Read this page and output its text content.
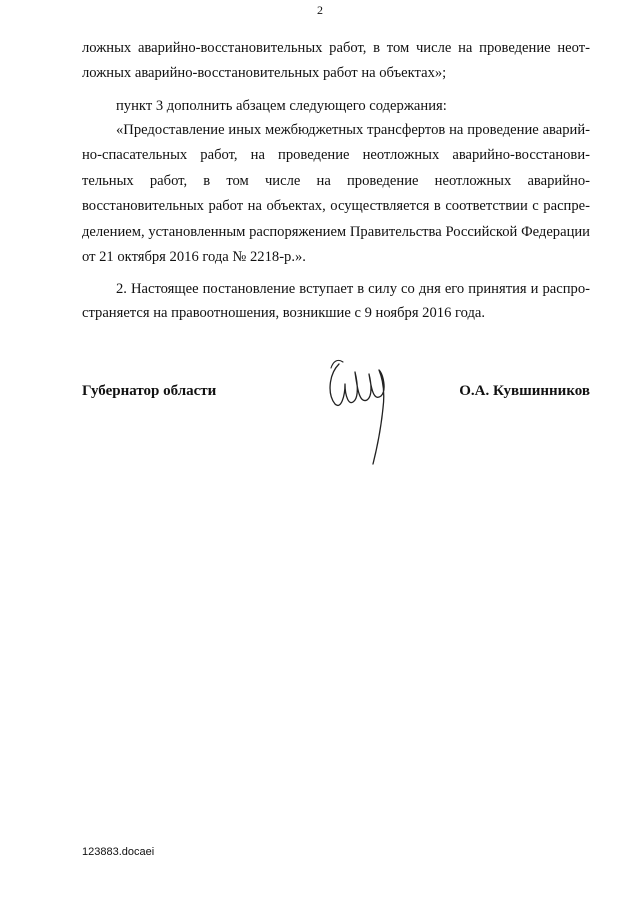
2
ложных аварийно-восстановительных работ, в том числе на проведение неот-
ложных аварийно-восстановительных работ на объектах»;
пункт 3 дополнить абзацем следующего содержания:
«Предоставление иных межбюджетных трансфертов на проведение аварий-
но-спасательных работ, на проведение неотложных аварийно-восстанови-
тельных работ, в том числе на проведение неотложных аварийно-
восстановительных работ на объектах, осуществляется в соответствии с распре-
делением, установленным распоряжением Правительства Российской Федерации
от 21 октября 2016 года № 2218-р.».
2. Настоящее постановление вступает в силу со дня его принятия и распро-
страняется на правоотношения, возникшие с 9 ноября 2016 года.
Губернатор области	О.А. Кувшинников
123883.docaei
